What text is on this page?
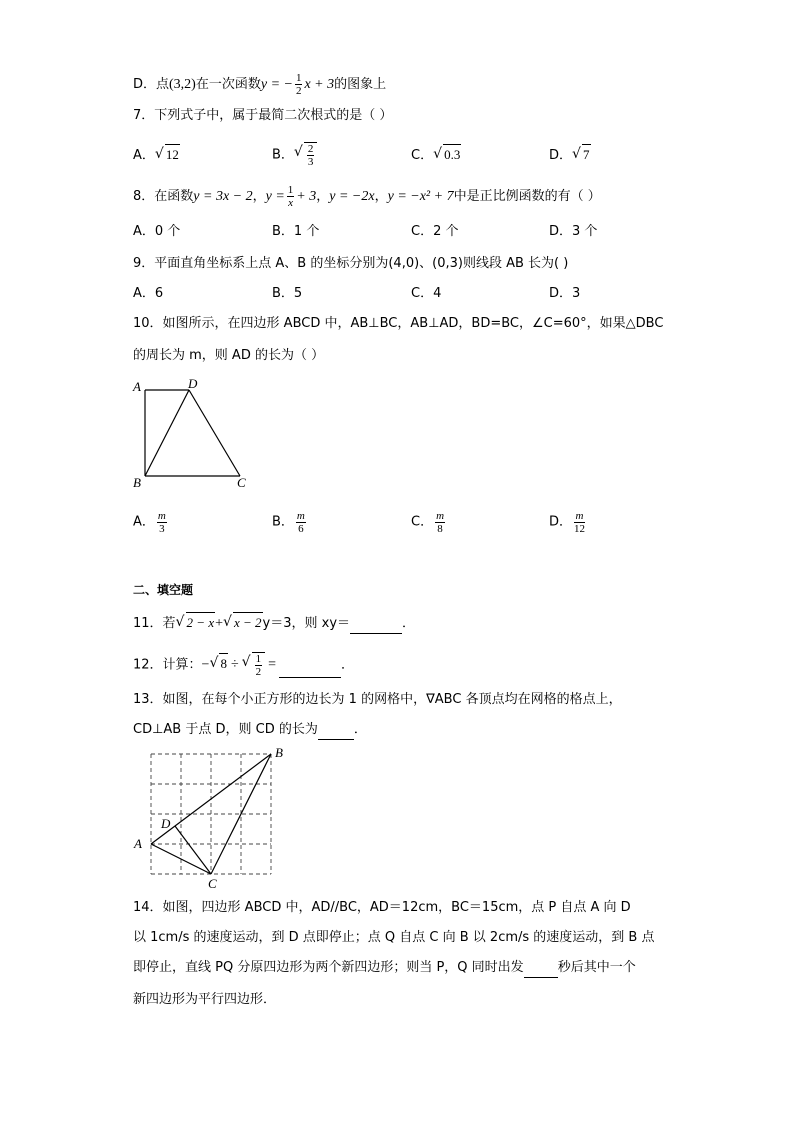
D．点(3,2)在一次函数y = − $\frac{1}{2}$ x + 3的图象上
7．下列式子中，属于最简二次根式的是（ ）
A． √ 12	B． √ $\frac{2}{3}$	C． √ 0.3	D． √ 7
8．在函数y = 3x − 2，$y = \frac{1}{x} + 3$，y = −2x，y = −x² + 7中是正比例函数的有（ ）
A．0 个	B．1 个	C．2 个	D．3 个
9．平面直角坐标系上点 A、B 的坐标分别为(4,0)、(0,3)则线段 AB 长为( )
A．6	B．5	C．4	D．3
10．如图所示，在四边形 ABCD 中，AB⊥BC，AB⊥AD，BD=BC，∠C=60°，如果△DBC
的周长为 m，则 AD 的长为（ ）
A	D
B	C
A． $\frac{m}{3}$	B． $\frac{m}{6}$	C． $\frac{m}{8}$	D． $\frac{m}{12}$
二、填空题
11．若 √ 2 − x+ √ x − 2y＝3，则 xy＝	．
12．计算：− √ 8 ÷ √ $\frac{1}{2}$ =	．
13．如图，在每个小正方形的边长为 1 的网格中，∇ABC 各顶点均在网格的格点上，
CD⊥AB 于点 D，则 CD 的长为	．
B
D
A
C
14．如图，四边形 ABCD 中，AD//BC，AD＝12cm，BC＝15cm，点 P 自点 A 向 D
以 1cm/s 的速度运动，到 D 点即停止；点 Q 自点 C 向 B 以 2cm/s 的速度运动，到 B 点
即停止，直线 PQ 分原四边形为两个新四边形；则当 P，Q 同时出发	秒后其中一个
新四边形为平行四边形．
